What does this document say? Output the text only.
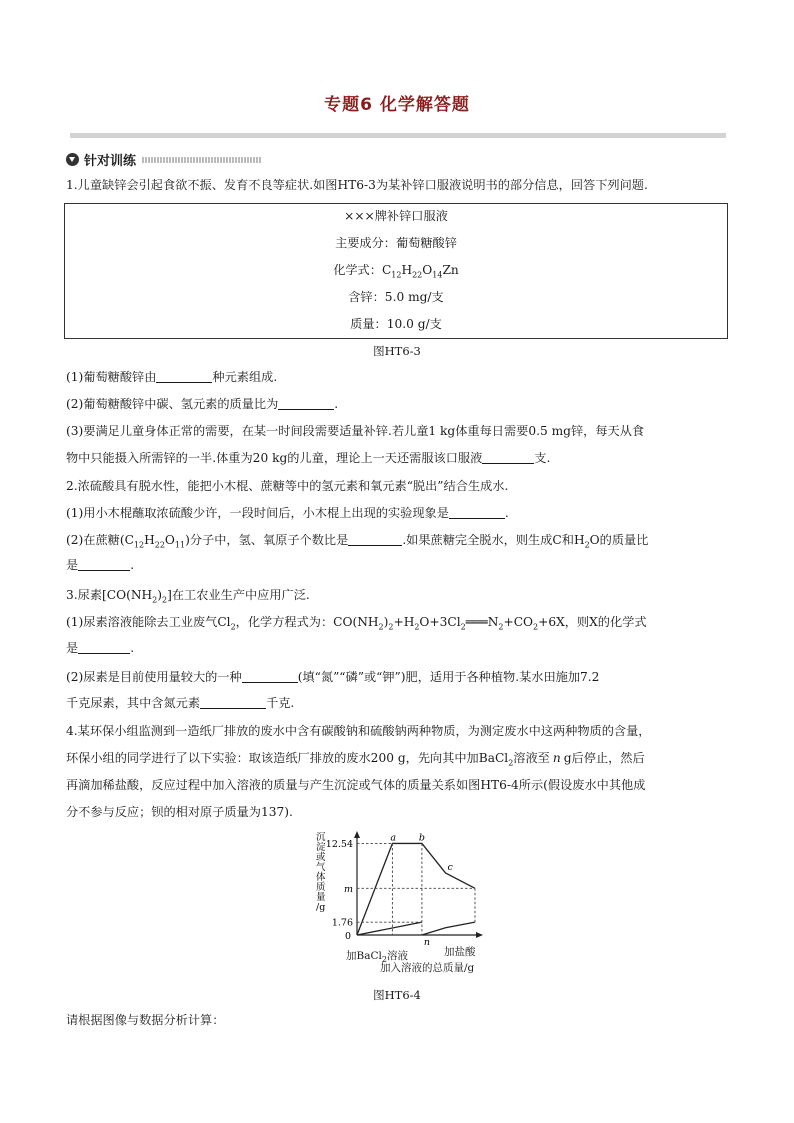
专题6 化学解答题
针对训练
1.儿童缺锌会引起食欲不振、发育不良等症状.如图HT6-3为某补锌口服液说明书的部分信息，回答下列问题.
×××牌补锌口服液
主要成分：葡萄糖酸锌
化学式：$C_{12}H_{22}O_{14}Zn$
含锌：5.0 mg/支
质量：10.0 g/支
图HT6-3
(1)葡萄糖酸锌由	种元素组成.
(2)葡萄糖酸锌中碳、氢元素的质量比为	.
(3)要满足儿童身体正常的需要，在某一时间段需要适量补锌.若儿童1 kg体重每日需要0.5 mg锌，每天从食
物中只能摄入所需锌的一半.体重为20 kg的儿童，理论上一天还需服该口服液	支.
2.浓硫酸具有脱水性，能把小木棍、蔗糖等中的氢元素和氧元素“脱出”结合生成水.
(1)用小木棍蘸取浓硫酸少许，一段时间后，小木棍上出现的实验现象是	.
(2)在蔗糖$(C_{12}H_{22}O_{11})$分子中，氢、氧原子个数比是	.如果蔗糖完全脱水，则生成C和$H_2O$的质量比
是	.
3.尿素$[CO(NH_2)_2]$在工农业生产中应用广泛.
(1)尿素溶液能除去工业废气$Cl_2$，化学方程式为：$CO(NH_2)_2+H_2O+3Cl_2═══N_2+CO_2+6X$，则X的化学式
是	.
(2)尿素是目前使用量较大的一种	(填“氮”“磷”或“钾”)肥，适用于各种植物.某水田施加7.2
千克尿素，其中含氮元素	千克.
4.某环保小组监测到一造纸厂排放的废水中含有碳酸钠和硫酸钠两种物质，为测定废水中这两种物质的含量，
环保小组的同学进行了以下实验：取该造纸厂排放的废水200 g，先向其中加BaCl$_2$溶液至 n g后停止，然后
再滴加稀盐酸，反应过程中加入溶液的质量与产生沉淀或气体的质量关系如图HT6-4所示(假设废水中其他成
分不参与反应；钡的相对原子质量为137).
沉淀或气 体质量/g
12.54
m
1.76
0
n
a b
c
加BaCl$_2$溶液	加盐酸
加入溶液的总质量/g
图HT6-4
请根据图像与数据分析计算：
